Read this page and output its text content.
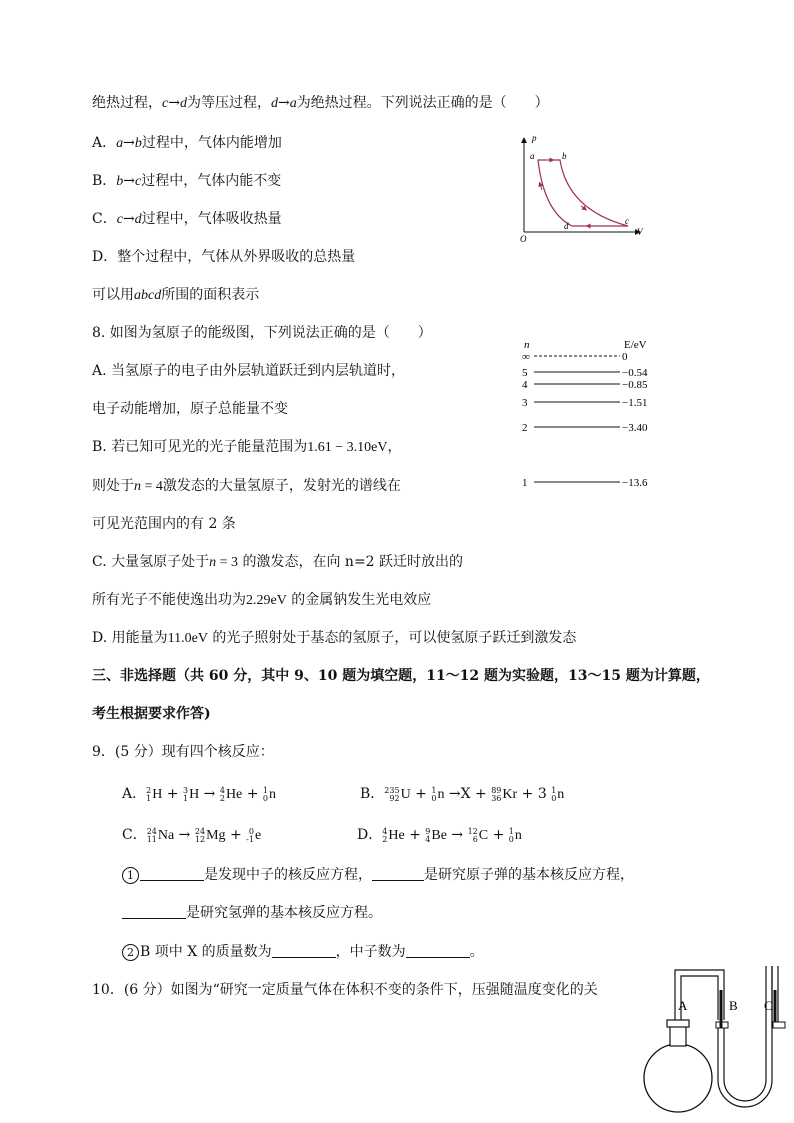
绝热过程，c→d为等压过程，d→a为绝热过程。下列说法正确的是（　　）
A．a→b过程中，气体内能增加
B．b→c过程中，气体内能不变
C．c→d过程中，气体吸收热量
D．整个过程中，气体从外界吸收的总热量
可以用abcd所围的面积表示
p
V
O
a	b
c
d
8. 如图为氢原子的能级图，下列说法正确的是（　　）
A. 当氢原子的电子由外层轨道跃迁到内层轨道时，
电子动能增加，原子总能量不变
B. 若已知可见光的光子能量范围为1.61 − 3.10eV，
则处于n = 4激发态的大量氢原子，发射光的谱线在
可见光范围内的有 2 条
C. 大量氢原子处于n = 3 的激发态，在向 n=2 跃迁时放出的
所有光子不能使逸出功为2.29eV 的金属钠发生光电效应
D. 用能量为11.0eV 的光子照射处于基态的氢原子，可以使氢原子跃迁到激发态
n	E/eV
∞	0
5	−0.54
4	−0.85
3	−1.51
2	−3.40
1	−13.6
三、非选择题（共 60 分，其中 9、10 题为填空题，11～12 题为实验题，13～15 题为计算题，
考生根据要求作答)
9．(5 分）现有四个核反应：
A．2
1H + 3
1H → 4
2He + 1
0n	B．235
92U + 1
0n →X + 89
36Kr + 3 1
0n
C．24
11Na → 24
12Mg + 0
-1e	D．4
2He + 9
4Be → 12
6C + 1
0n
1	是发现中子的核反应方程，	是研究原子弹的基本核反应方程，
是研究氢弹的基本核反应方程。
2 B 项中 X 的质量数为	，中子数为	。
10．(6 分）如图为“研究一定质量气体在体积不变的条件下，压强随温度变化的关
A	B C
